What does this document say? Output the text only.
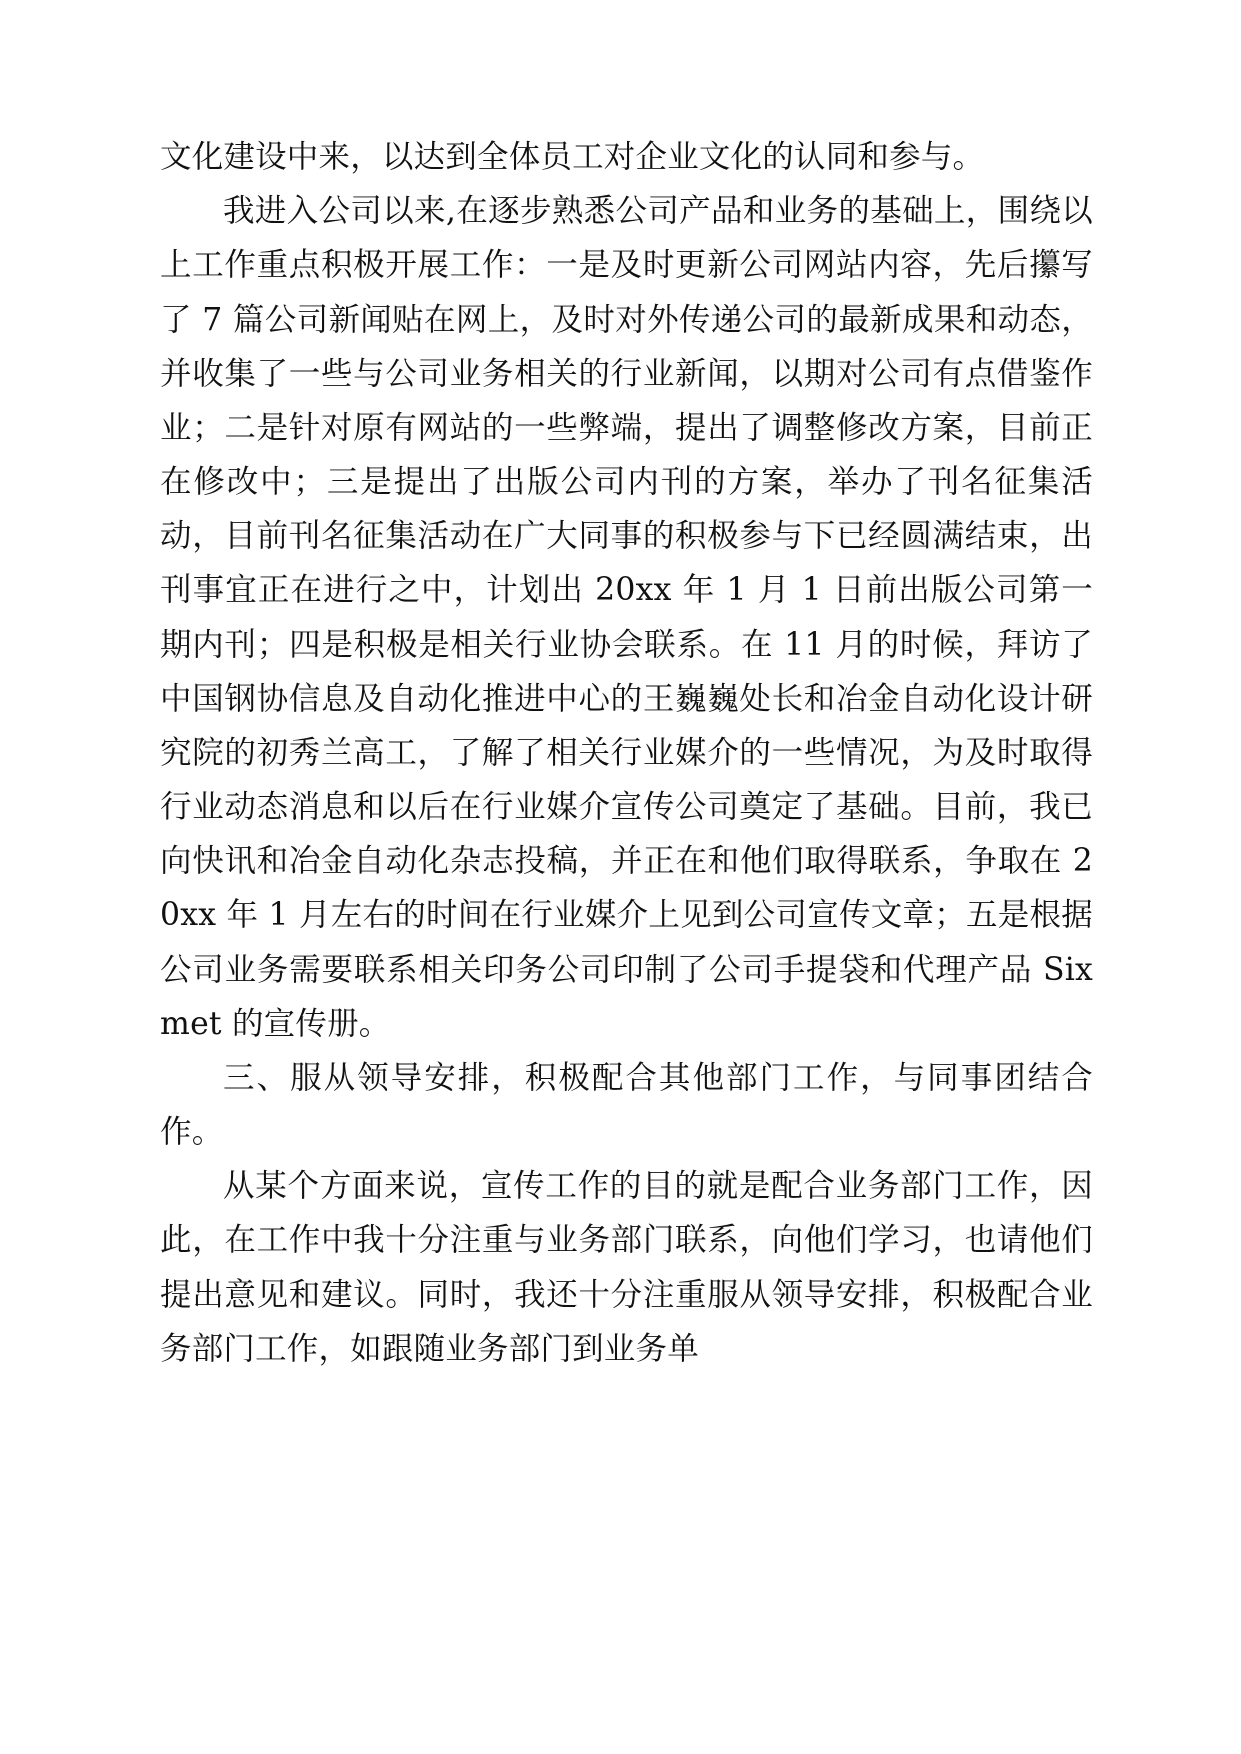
文化建设中来，以达到全体员工对企业文化的认同和参与。

我进入公司以来,在逐步熟悉公司产品和业务的基础上，围绕以上工作重点积极开展工作：一是及时更新公司网站内容，先后攥写了 7 篇公司新闻贴在网上，及时对外传递公司的最新成果和动态，并收集了一些与公司业务相关的行业新闻，以期对公司有点借鉴作业；二是针对原有网站的一些弊端，提出了调整修改方案，目前正在修改中；三是提出了出版公司内刊的方案，举办了刊名征集活动，目前刊名征集活动在广大同事的积极参与下已经圆满结束，出刊事宜正在进行之中，计划出 20xx 年 1 月 1 日前出版公司第一期内刊；四是积极是相关行业协会联系。在 11 月的时候，拜访了中国钢协信息及自动化推进中心的王巍巍处长和冶金自动化设计研究院的初秀兰高工，了解了相关行业媒介的一些情况，为及时取得行业动态消息和以后在行业媒介宣传公司奠定了基础。目前，我已向快讯和冶金自动化杂志投稿，并正在和他们取得联系，争取在 20xx 年 1 月左右的时间在行业媒介上见到公司宣传文章；五是根据公司业务需要联系相关印务公司印制了公司手提袋和代理产品 Sixmet 的宣传册。

三、服从领导安排，积极配合其他部门工作，与同事团结合作。

从某个方面来说，宣传工作的目的就是配合业务部门工作，因此，在工作中我十分注重与业务部门联系，向他们学习，也请他们提出意见和建议。同时，我还十分注重服从领导安排，积极配合业务部门工作，如跟随业务部门到业务单
